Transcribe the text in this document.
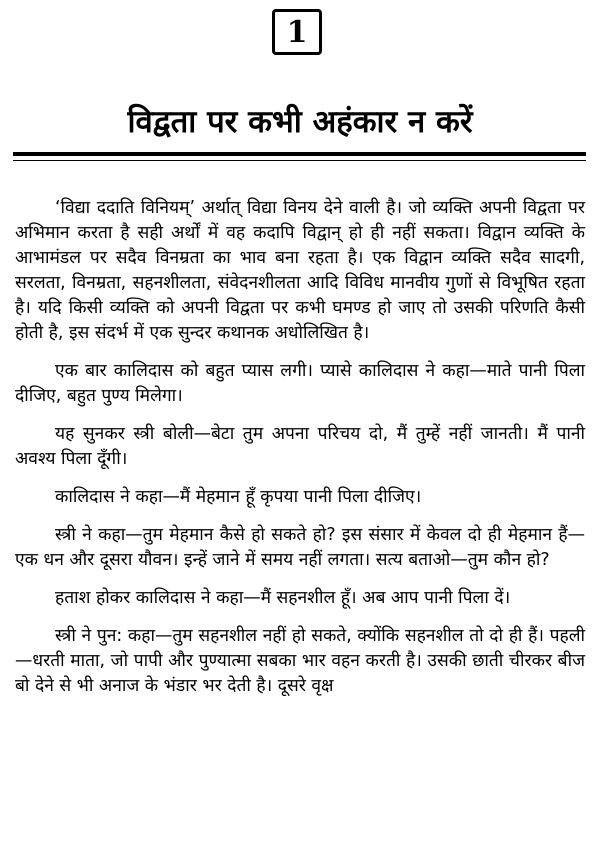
1
विद्वता पर कभी अहंकार न करें

‘विद्या ददाति विनियम्’ अर्थात् विद्या विनय देने वाली है। जो व्यक्ति अपनी विद्वता पर अभिमान करता है सही अर्थों में वह कदापि विद्वान् हो ही नहीं सकता। विद्वान व्यक्ति के आभामंडल पर सदैव विनम्रता का भाव बना रहता है। एक विद्वान व्यक्ति सदैव सादगी, सरलता, विनम्रता, सहनशीलता, संवेदनशीलता आदि विविध मानवीय गुणों से विभूषित रहता है। यदि किसी व्यक्ति को अपनी विद्वता पर कभी घमण्ड हो जाए तो उसकी परिणति कैसी होती है, इस संदर्भ में एक सुन्दर कथानक अधोलिखित है।

एक बार कालिदास को बहुत प्यास लगी। प्यासे कालिदास ने कहा—माते पानी पिला दीजिए, बहुत पुण्य मिलेगा।

यह सुनकर स्त्री बोली—बेटा तुम अपना परिचय दो, मैं तुम्हें नहीं जानती। मैं पानी अवश्य पिला दूँगी।

कालिदास ने कहा—मैं मेहमान हूँ कृपया पानी पिला दीजिए।

स्त्री ने कहा—तुम मेहमान कैसे हो सकते हो? इस संसार में केवल दो ही मेहमान हैं—एक धन और दूसरा यौवन। इन्हें जाने में समय नहीं लगता। सत्य बताओ—तुम कौन हो?

हताश होकर कालिदास ने कहा—मैं सहनशील हूँ। अब आप पानी पिला दें।

स्त्री ने पुन: कहा—तुम सहनशील नहीं हो सकते, क्योंकि सहनशील तो दो ही हैं। पहली—धरती माता, जो पापी और पुण्यात्मा सबका भार वहन करती है। उसकी छाती चीरकर बीज बो देने से भी अनाज के भंडार भर देती है। दूसरे वृक्ष
